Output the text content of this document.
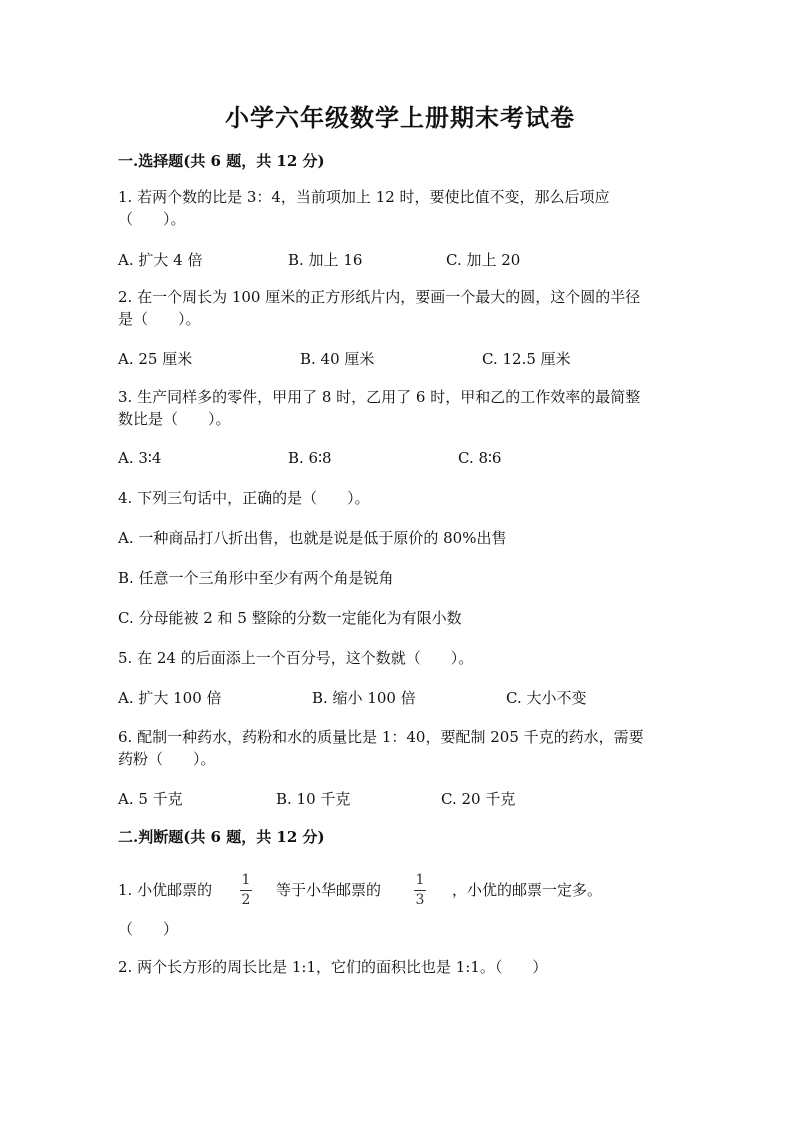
小学六年级数学上册期末考试卷
一.选择题(共 6 题，共 12 分)
1. 若两个数的比是 3：4，当前项加上 12 时，要使比值不变，那么后项应
（　　）。
A. 扩大 4 倍	B. 加上 16	C. 加上 20
2. 在一个周长为 100 厘米的正方形纸片内，要画一个最大的圆，这个圆的半径
是（　　）。
A. 25 厘米	B. 40 厘米	C. 12.5 厘米
3. 生产同样多的零件，甲用了 8 时，乙用了 6 时，甲和乙的工作效率的最简整
数比是（　　）。
A. 3∶4	B. 6∶8	C. 8∶6
4. 下列三句话中，正确的是（　　）。
A. 一种商品打八折出售，也就是说是低于原价的 80%出售
B. 任意一个三角形中至少有两个角是锐角
C. 分母能被 2 和 5 整除的分数一定能化为有限小数
5. 在 24 的后面添上一个百分号，这个数就（　　）。
A. 扩大 100 倍	B. 缩小 100 倍	C. 大小不变
6. 配制一种药水，药粉和水的质量比是 1：40，要配制 205 千克的药水，需要
药粉（　　）。
A. 5 千克	B. 10 千克	C. 20 千克
二.判断题(共 6 题，共 12 分)
1. 小优邮票的
1
2
等于小华邮票的
1
3
，小优的邮票一定多。
（　　）
2. 两个长方形的周长比是 1:1，它们的面积比也是 1:1。（　　）
